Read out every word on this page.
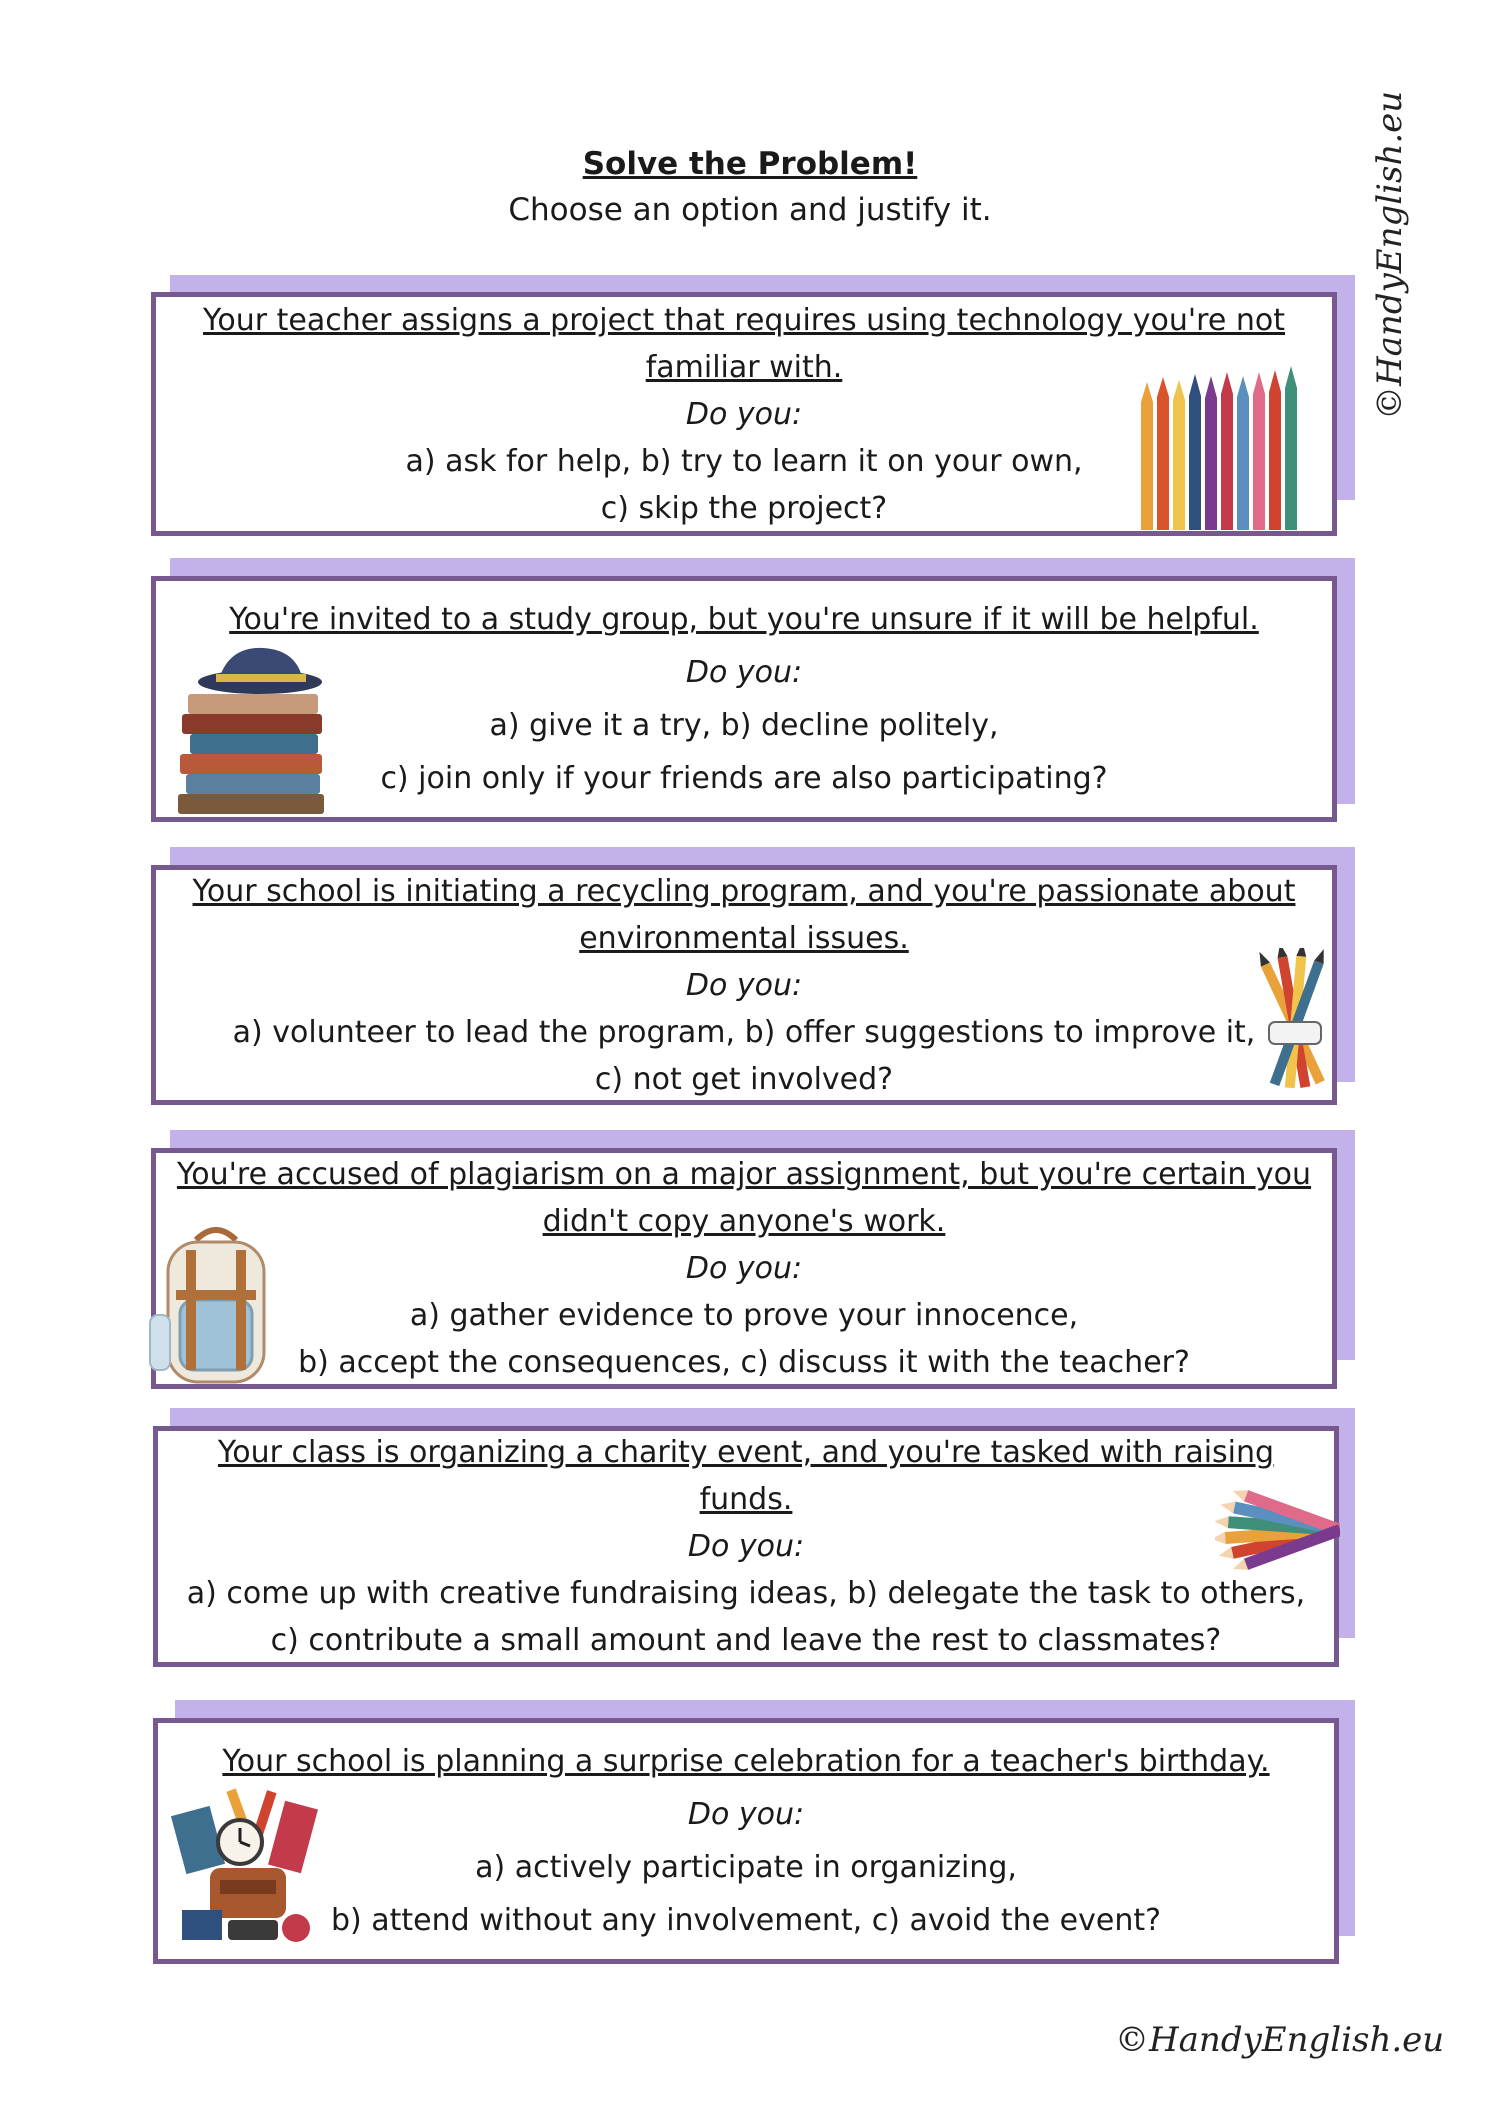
Solve the Problem!
Choose an option and justify it.	©HandyEnglish.eu
Your teacher assigns a project that requires using technology you're not
familiar with.
Do you:
a) ask for help, b) try to learn it on your own,
c) skip the project?
You're invited to a study group, but you're unsure if it will be helpful.
Do you:
a) give it a try, b) decline politely,
c) join only if your friends are also participating?
Your school is initiating a recycling program, and you're passionate about
environmental issues.
Do you:
a) volunteer to lead the program, b) offer suggestions to improve it,
c) not get involved?
You're accused of plagiarism on a major assignment, but you're certain you
didn't copy anyone's work.
Do you:
a) gather evidence to prove your innocence,
b) accept the consequences, c) discuss it with the teacher?
Your class is organizing a charity event, and you're tasked with raising
funds.
Do you:
a) come up with creative fundraising ideas, b) delegate the task to others,
c) contribute a small amount and leave the rest to classmates?
Your school is planning a surprise celebration for a teacher's birthday.
Do you:
a) actively participate in organizing,
b) attend without any involvement, c) avoid the event?
©HandyEnglish.eu
